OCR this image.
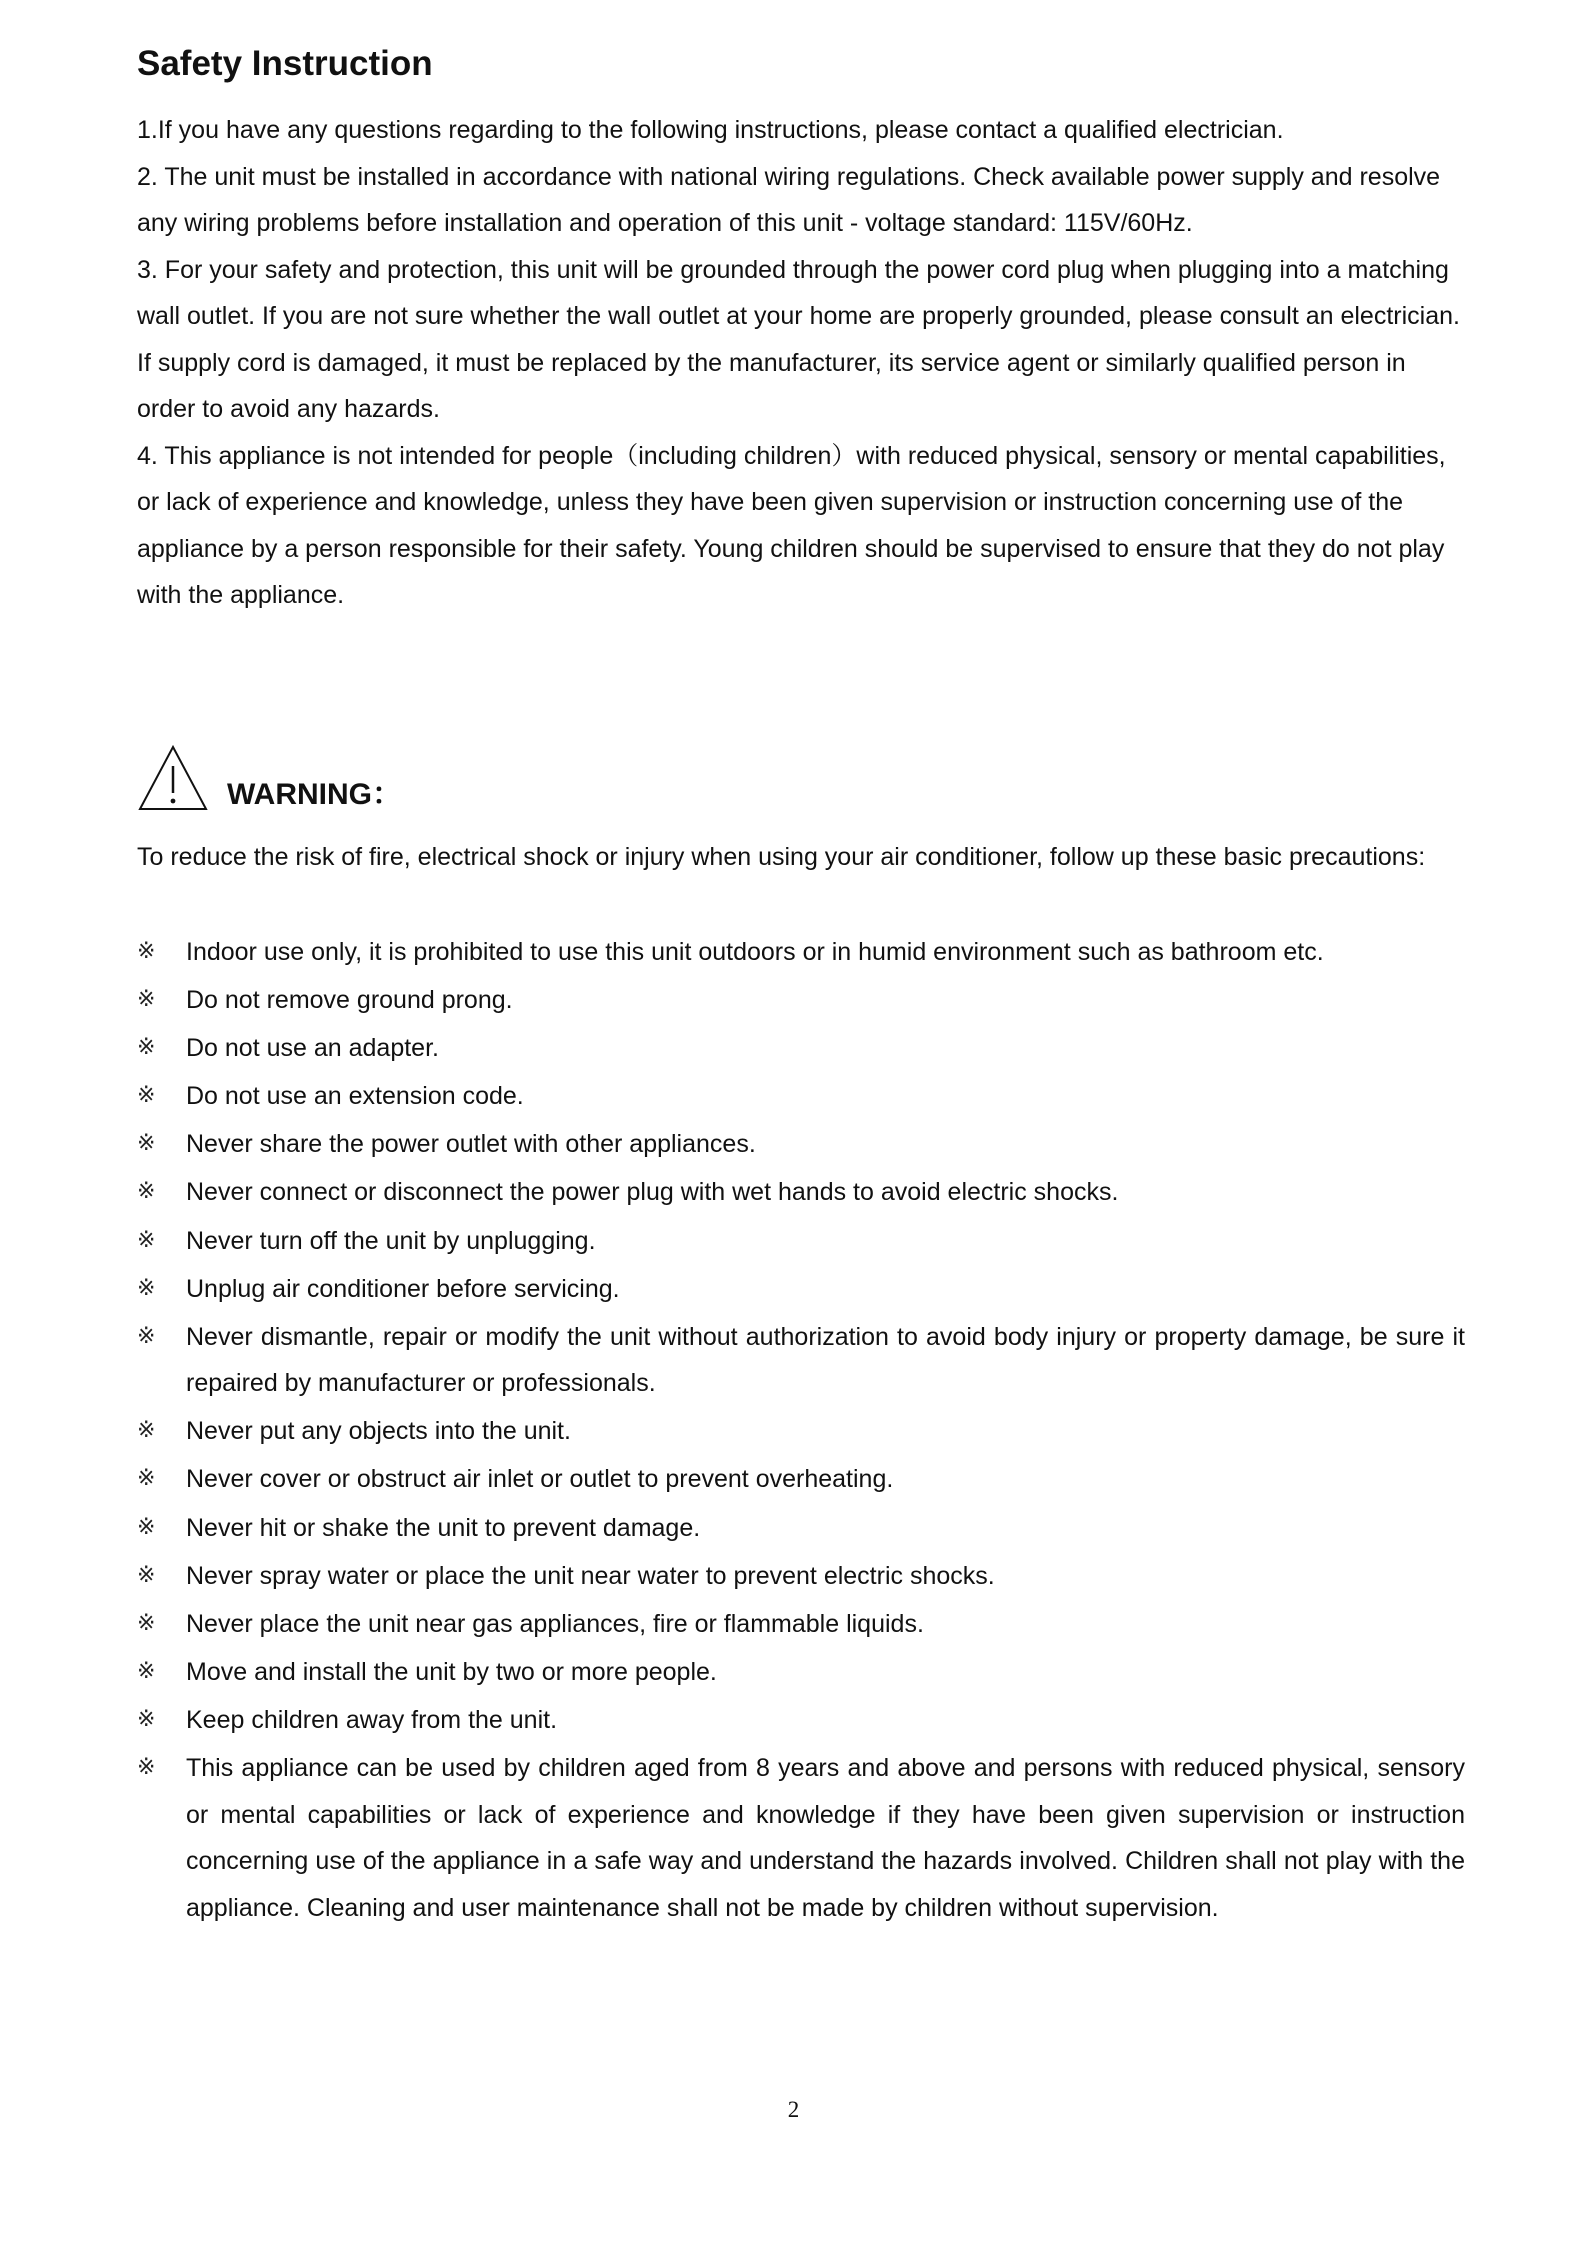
Safety Instruction
1.If you have any questions regarding to the following instructions, please contact a qualified electrician.
2. The unit must be installed in accordance with national wiring regulations. Check available power supply and resolve any wiring problems before installation and operation of this unit - voltage standard: 115V/60Hz.
3. For your safety and protection, this unit will be grounded through the power cord plug when plugging into a matching wall outlet. If you are not sure whether the wall outlet at your home are properly grounded, please consult an electrician. If supply cord is damaged, it must be replaced by the manufacturer, its service agent or similarly qualified person in order to avoid any hazards.
4. This appliance is not intended for people（including children）with reduced physical, sensory or mental capabilities, or lack of experience and knowledge, unless they have been given supervision or instruction concerning use of the appliance by a person responsible for their safety. Young children should be supervised to ensure that they do not play with the appliance.
WARNING：

To reduce the risk of fire, electrical shock or injury when using your air conditioner, follow up these basic precautions:

※	Indoor use only, it is prohibited to use this unit outdoors or in humid environment such as bathroom etc.
※	Do not remove ground prong.
※	Do not use an adapter.
※	Do not use an extension code.
※	Never share the power outlet with other appliances.
※	Never connect or disconnect the power plug with wet hands to avoid electric shocks.
※	Never turn off the unit by unplugging.
※	Unplug air conditioner before servicing.
※	Never dismantle, repair or modify the unit without authorization to avoid body injury or property damage, be sure it repaired by manufacturer or professionals.
※	Never put any objects into the unit.
※	Never cover or obstruct air inlet or outlet to prevent overheating.
※	Never hit or shake the unit to prevent damage.
※	Never spray water or place the unit near water to prevent electric shocks.
※	Never place the unit near gas appliances, fire or flammable liquids.
※	Move and install the unit by two or more people.
※	Keep children away from the unit.
※	This appliance can be used by children aged from 8 years and above and persons with reduced physical, sensory or mental capabilities or lack of experience and knowledge if they have been given supervision or instruction concerning use of the appliance in a safe way and understand the hazards involved. Children shall not play with the appliance. Cleaning and user maintenance shall not be made by children without supervision.
2
